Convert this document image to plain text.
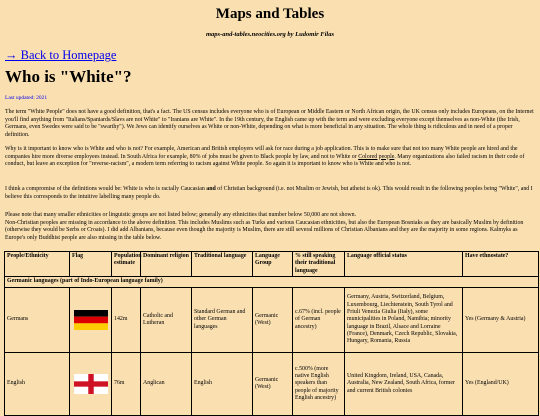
Maps and Tables
maps-and-tables.neocities.org by Ludomir Filas
→ Back to Homepage
Who is "White"?
Last updated: 2021

The term "White People" does not have a good definition, that's a fact. The US census includes everyone who is of European or Middle Eastern or North African origin, the UK census only includes Europeans, on the Internet you'll find anything from "Italians/Spaniards/Slavs are not White" to "Iranians are White". In the 19th century, the English came up with the term and were excluding everyone except themselves as non-White (the Irish, Germans, even Swedes were said to be "swarthy"). We Jews can identify ourselves as White or non-White, depending on what is more beneficial in any situation. The whole thing is ridiculous and in need of a proper definition.

Why is it important to know who is White and who is not? For example, American and British employers will ask for race during a job application. This is to make sure that not too many White people are hired and the companies hire more diverse employees instead. In South Africa for example, 80% of jobs must be given to Black people by law, and not to White or Colored people. Many organizations also failed racism in their code of conduct, but leave an exception for "reverse-racism", a modern term referring to racism against White people. So again it is important to know who is White and who is not.

I think a compromise of the definitions would be: White is who is racially Caucasian and of Christian background (i.e. not Muslim or Jewish, but atheist is ok). This would result in the following peoples being "White", and I believe this corresponds to the intuitive labelling many people do.

Please note that many smaller ethnicities or linguistic groups are not listed below; generally any ethnicities that number below 50,000 are not shown.

Non-Christian peoples are missing in accordance to the above definition. This includes Muslims such as Turks and various Caucasian ethnicities, but also the European Bosniaks as they are basically Muslim by definition (otherwise they would be Serbs or Croats). I did add Albanians, because even though the majority is Muslim, there are still several millions of Christian Albanians and they are the majority in some regions. Kalmyks as Europe's only Buddhist people are also missing in the table below.

People/Ethnicity	Flag	Population estimate	Dominant religion	Traditional language	Language Group	% still speaking their traditional language	Language official status	Have ethnostate?
Germanic languages (part of Indo-European language family)								
Germans		142m	Catholic and Lutheran	Standard German and other German languages	Germanic (West)	c.67% (incl. people of German ancestry)	Germany, Austria, Switzerland, Belgium, Luxembourg, Liechtenstein, South Tyrol and Friuli Venezia Giulia (Italy), some municipalities in Poland, Namibia; minority language in Brazil, Alsace and Lorraine (France), Denmark, Czech Republic, Slovakia, Hungary, Romania, Russia	Yes (Germany & Austria)
English		76m	Anglican	English	Germanic (West)	c.500% (more native English speakers than people of majority English ancestry)	United Kingdom, Ireland, USA, Canada, Australia, New Zealand, South Africa, former and current British colonies	Yes (England/UK)
